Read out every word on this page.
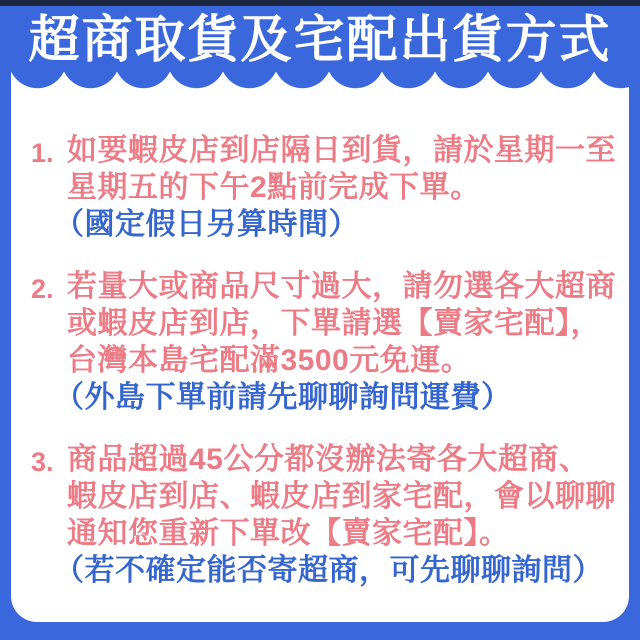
超商取貨及宅配出貨方式
1. 如要蝦皮店到店隔日到貨，請於星期一至
星期五的下午2點前完成下單。
（國定假日另算時間）
2. 若量大或商品尺寸過大，請勿選各大超商
或蝦皮店到店，下單請選【賣家宅配】，
台灣本島宅配滿3500元免運。
（外島下單前請先聊聊詢問運費）
3. 商品超過45公分都沒辦法寄各大超商、
蝦皮店到店、蝦皮店到家宅配，會以聊聊
通知您重新下單改【賣家宅配】。
（若不確定能否寄超商，可先聊聊詢問）
